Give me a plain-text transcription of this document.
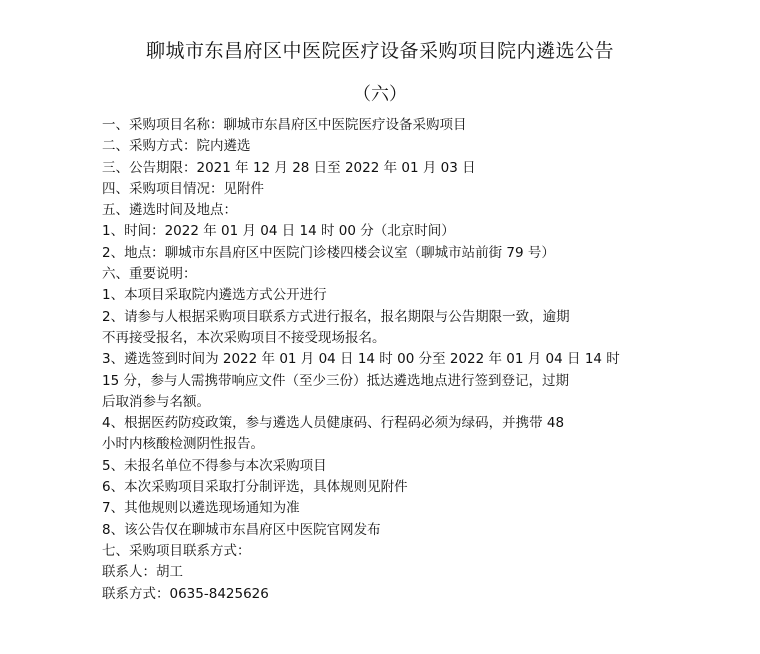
聊城市东昌府区中医院医疗设备采购项目院内遴选公告
（六）
一、采购项目名称：聊城市东昌府区中医院医疗设备采购项目
二、采购方式：院内遴选
三、公告期限：2021 年 12 月 28 日至 2022 年 01 月 03 日
四、采购项目情况：见附件
五、遴选时间及地点：
1、时间：2022 年 01 月 04 日 14 时 00 分（北京时间）
2、地点：聊城市东昌府区中医院门诊楼四楼会议室（聊城市站前街 79 号）
六、重要说明：
1、本项目采取院内遴选方式公开进行
2、请参与人根据采购项目联系方式进行报名，报名期限与公告期限一致，逾期
不再接受报名，本次采购项目不接受现场报名。
3、遴选签到时间为 2022 年 01 月 04 日 14 时 00 分至 2022 年 01 月 04 日 14 时
15 分，参与人需携带响应文件（至少三份）抵达遴选地点进行签到登记，过期
后取消参与名额。
4、根据医药防疫政策，参与遴选人员健康码、行程码必须为绿码，并携带 48
小时内核酸检测阴性报告。
5、未报名单位不得参与本次采购项目
6、本次采购项目采取打分制评选，具体规则见附件
7、其他规则以遴选现场通知为准
8、该公告仅在聊城市东昌府区中医院官网发布
七、采购项目联系方式：
联系人：胡工
联系方式：0635-8425626
